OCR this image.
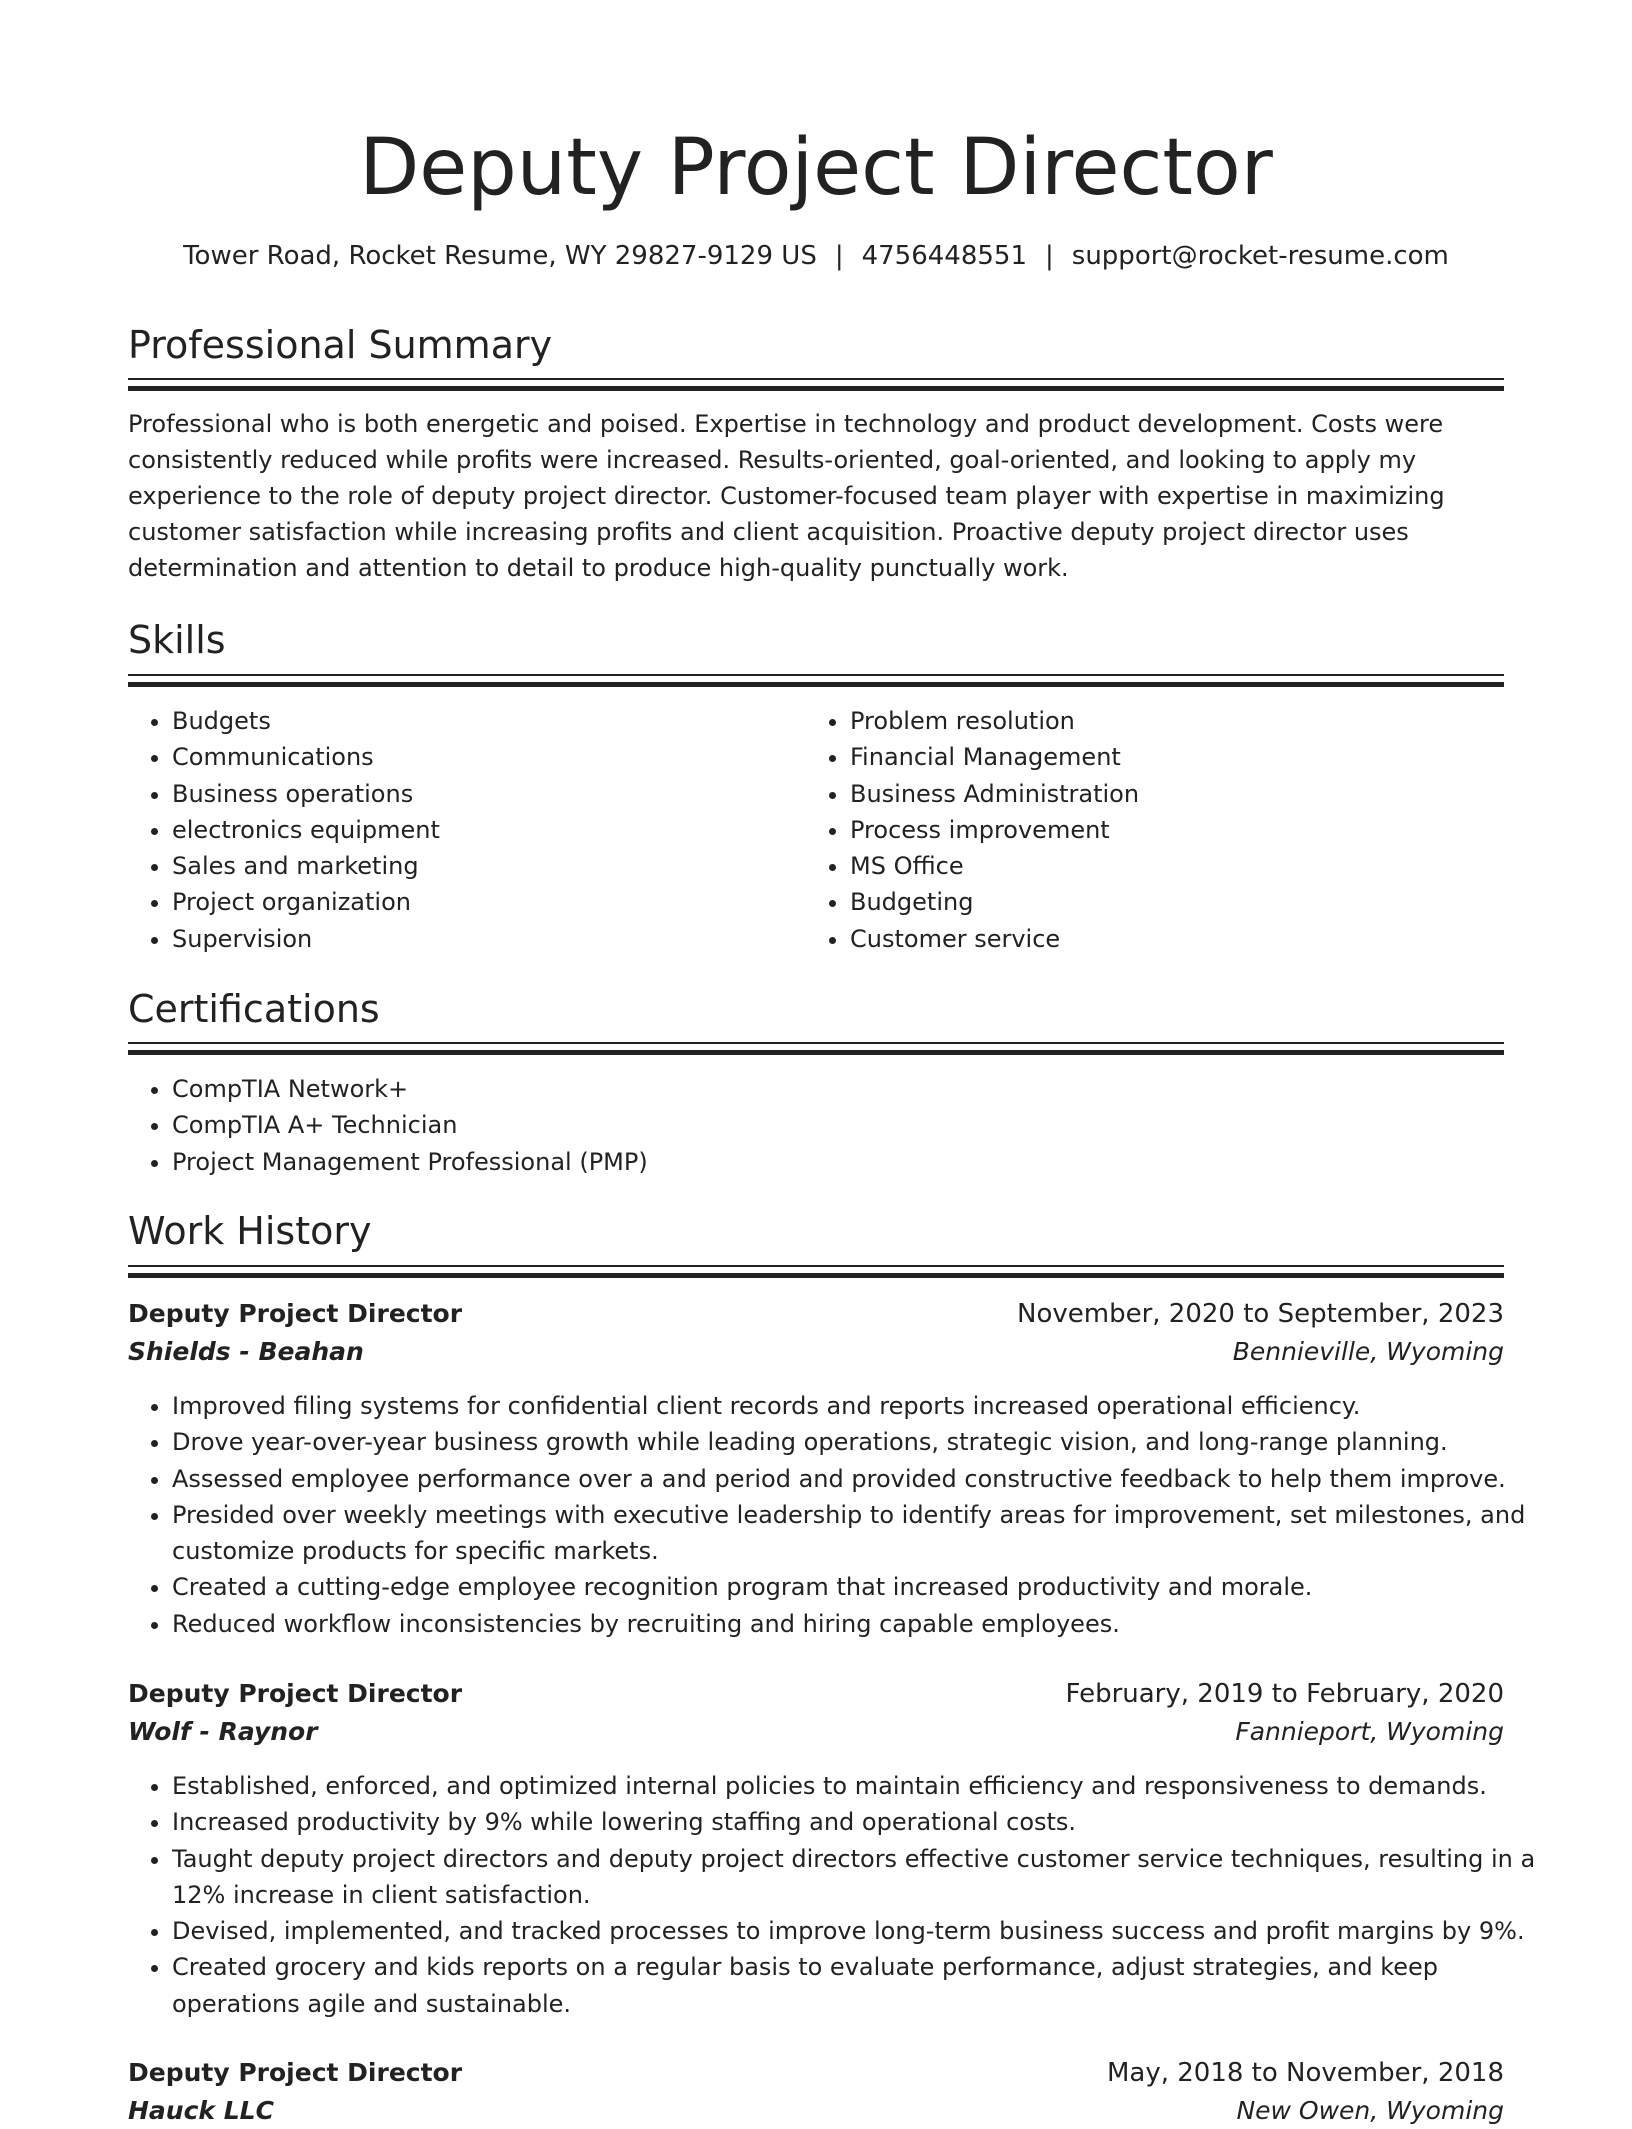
Deputy Project Director
Tower Road, Rocket Resume, WY 29827-9129 US | 4756448551 | support@rocket-resume.com
Professional Summary

Professional who is both energetic and poised. Expertise in technology and product development. Costs were consistently reduced while profits were increased. Results-oriented, goal-oriented, and looking to apply my experience to the role of deputy project director. Customer-focused team player with expertise in maximizing customer satisfaction while increasing profits and client acquisition. Proactive deputy project director uses determination and attention to detail to produce high-quality punctually work.

Skills
• Budgets
• Communications
• Business operations
• electronics equipment
• Sales and marketing
• Project organization
• Supervision
• Problem resolution
• Financial Management
• Business Administration
• Process improvement
• MS Office
• Budgeting
• Customer service
Certifications
• CompTIA Network+
• CompTIA A+ Technician
• Project Management Professional (PMP)
Work History
Deputy Project Director	November, 2020 to September, 2023
Shields - Beahan	Bennieville, Wyoming
• Improved filing systems for confidential client records and reports increased operational efficiency.
• Drove year-over-year business growth while leading operations, strategic vision, and long-range planning.
• Assessed employee performance over a and period and provided constructive feedback to help them improve.
• Presided over weekly meetings with executive leadership to identify areas for improvement, set milestones, and customize products for specific markets.
• Created a cutting-edge employee recognition program that increased productivity and morale.
• Reduced workflow inconsistencies by recruiting and hiring capable employees.
Deputy Project Director	February, 2019 to February, 2020
Wolf - Raynor	Fannieport, Wyoming
• Established, enforced, and optimized internal policies to maintain efficiency and responsiveness to demands.
• Increased productivity by 9% while lowering staffing and operational costs.
• Taught deputy project directors and deputy project directors effective customer service techniques, resulting in a 12% increase in client satisfaction.
• Devised, implemented, and tracked processes to improve long-term business success and profit margins by 9%.
• Created grocery and kids reports on a regular basis to evaluate performance, adjust strategies, and keep operations agile and sustainable.
Deputy Project Director	May, 2018 to November, 2018
Hauck LLC	New Owen, Wyoming
